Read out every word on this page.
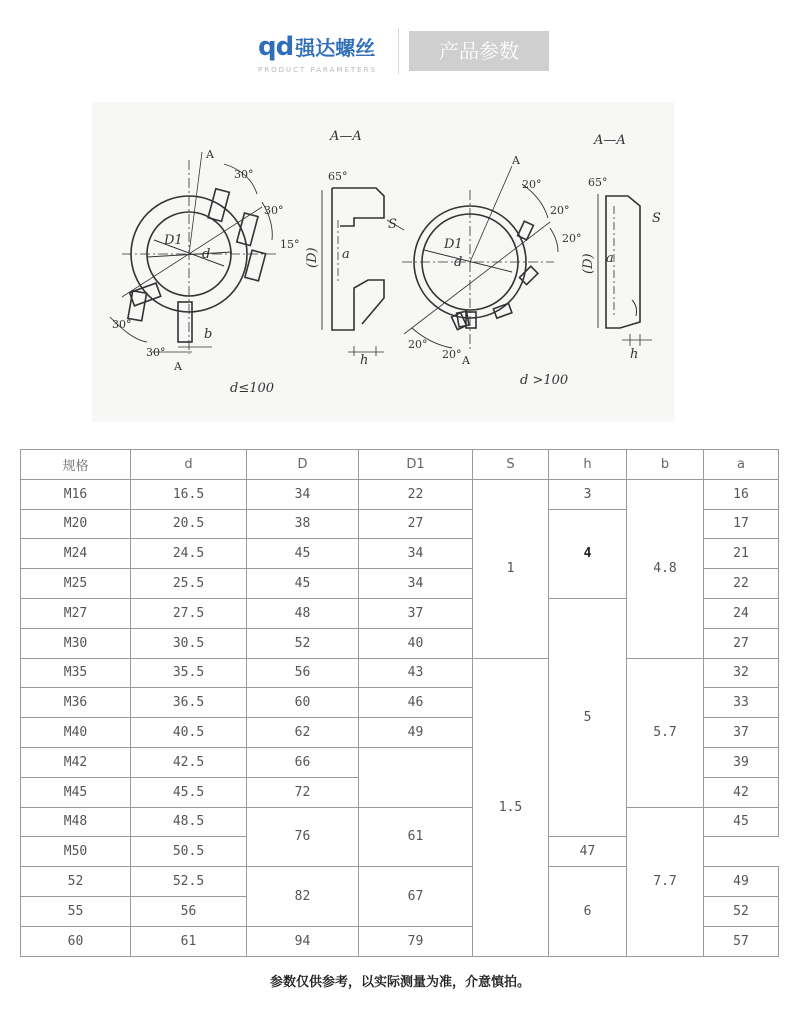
qd 强达螺丝
PRODUCT PARAMETERS
产品参数
A—A	A—A
d≤100
d >100
A
30°
30°
15°
30°
30°
A
D1
d
b
65°
(D) a
S
h
A
20°
20°
20°
20°
20° A
D1
d
65°
(D) a
S
h
规格	d	D	D1	S	h	b	a
M16	16.5	34	22	1	3	4.8	16
M20	20.5	38	27		4		17
M24	24.5	45	34				21
M25	25.5	45	34				22
M27	27.5	48	37		5		24
M30	30.5	52	40				27
M35	35.5	56	43	1.5		5.7	32
M36	36.5	60	46				33
M40	40.5	62	49				37
M42	42.5	66					39
M45	45.5	72					42
M48	48.5	76	61			7.7	45
M50	50.5				47		
52	52.5	82	67		6		49
55	56						52
60	61	94	79				57
参数仅供参考，以实际测量为准，介意慎拍。
